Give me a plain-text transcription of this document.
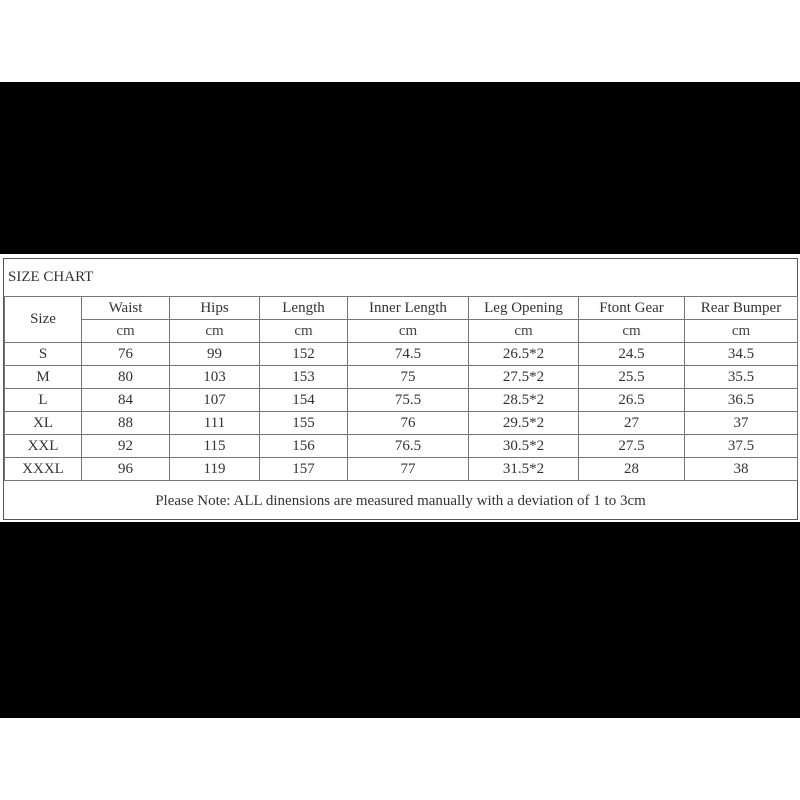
SIZE CHART
Size	Waist	Hips	Length	Inner Length	Leg Opening	Ftont Gear	Rear Bumper
	cm	cm	cm	cm	cm	cm	cm
S	76	99	152	74.5	26.5*2	24.5	34.5
M	80	103	153	75	27.5*2	25.5	35.5
L	84	107	154	75.5	28.5*2	26.5	36.5
XL	88	111	155	76	29.5*2	27	37
XXL	92	115	156	76.5	30.5*2	27.5	37.5
XXXL	96	119	157	77	31.5*2	28	38
Please Note: ALL dinensions are measured manually with a deviation of 1 to 3cm
